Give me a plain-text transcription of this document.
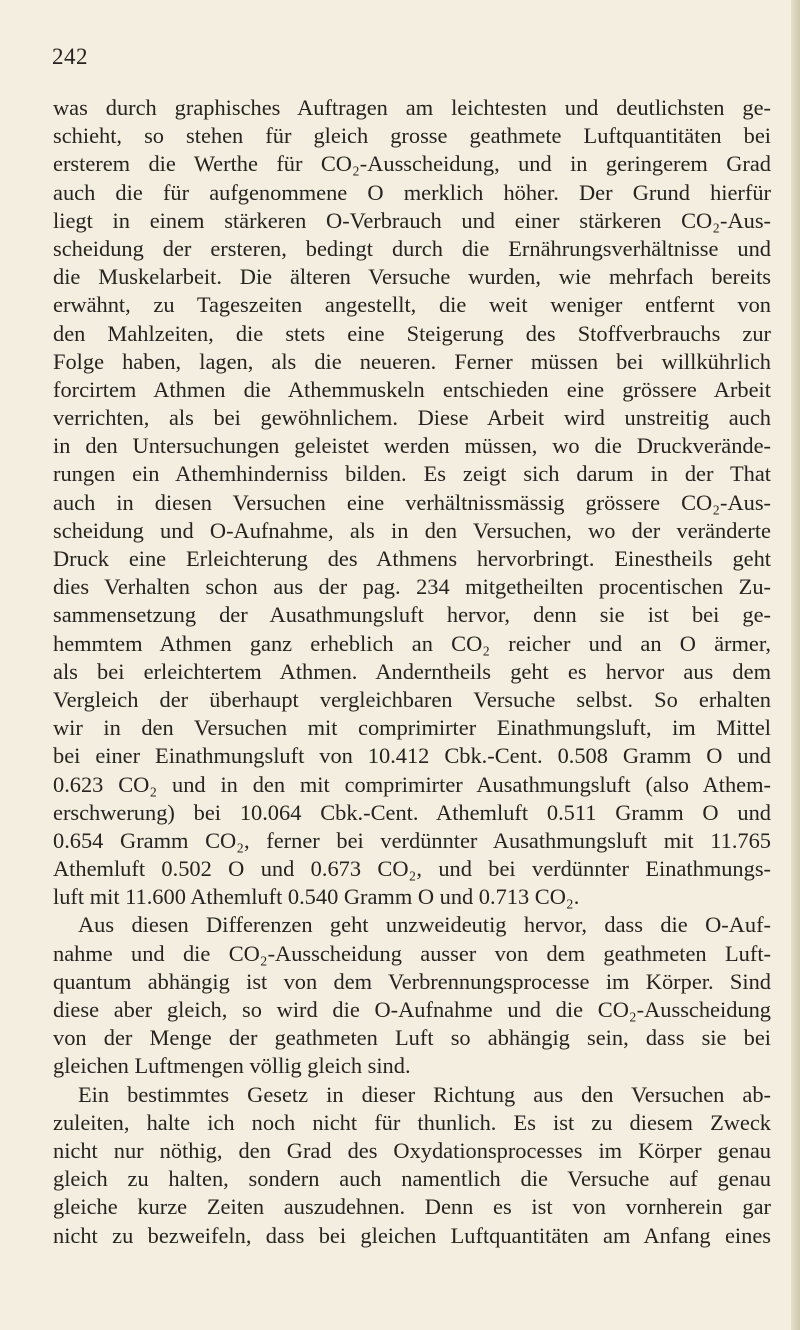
242
was durch graphisches Auftragen am leichtesten und deutlichsten ge-
schieht, so stehen für gleich grosse geathmete Luftquantitäten bei
ersterem die Werthe für CO₂-Ausscheidung, und in geringerem Grad
auch die für aufgenommene O merklich höher. Der Grund hierfür
liegt in einem stärkeren O-Verbrauch und einer stärkeren CO₂-Aus-
scheidung der ersteren, bedingt durch die Ernährungsverhältnisse und
die Muskelarbeit. Die älteren Versuche wurden, wie mehrfach bereits
erwähnt, zu Tageszeiten angestellt, die weit weniger entfernt von
den Mahlzeiten, die stets eine Steigerung des Stoffverbrauchs zur
Folge haben, lagen, als die neueren. Ferner müssen bei willkührlich
forcirtem Athmen die Athemmuskeln entschieden eine grössere Arbeit
verrichten, als bei gewöhnlichem. Diese Arbeit wird unstreitig auch
in den Untersuchungen geleistet werden müssen, wo die Druckverände-
rungen ein Athemhinderniss bilden. Es zeigt sich darum in der That
auch in diesen Versuchen eine verhältnissmässig grössere CO₂-Aus-
scheidung und O-Aufnahme, als in den Versuchen, wo der veränderte
Druck eine Erleichterung des Athmens hervorbringt. Einestheils geht
dies Verhalten schon aus der pag. 234 mitgetheilten procentischen Zu-
sammensetzung der Ausathmungsluft hervor, denn sie ist bei ge-
hemmtem Athmen ganz erheblich an CO₂ reicher und an O ärmer,
als bei erleichtertem Athmen. Anderntheils geht es hervor aus dem
Vergleich der überhaupt vergleichbaren Versuche selbst. So erhalten
wir in den Versuchen mit comprimirter Einathmungsluft, im Mittel
bei einer Einathmungsluft von 10.412 Cbk.-Cent. 0.508 Gramm O und
0.623 CO₂ und in den mit comprimirter Ausathmungsluft (also Athem-
erschwerung) bei 10.064 Cbk.-Cent. Athemluft 0.511 Gramm O und
0.654 Gramm CO₂, ferner bei verdünnter Ausathmungsluft mit 11.765
Athemluft 0.502 O und 0.673 CO₂, und bei verdünnter Einathmungs-
luft mit 11.600 Athemluft 0.540 Gramm O und 0.713 CO₂.
Aus diesen Differenzen geht unzweideutig hervor, dass die O-Auf-
nahme und die CO₂-Ausscheidung ausser von dem geathmeten Luft-
quantum abhängig ist von dem Verbrennungsprocesse im Körper. Sind
diese aber gleich, so wird die O-Aufnahme und die CO₂-Ausscheidung
von der Menge der geathmeten Luft so abhängig sein, dass sie bei
gleichen Luftmengen völlig gleich sind.
Ein bestimmtes Gesetz in dieser Richtung aus den Versuchen ab-
zuleiten, halte ich noch nicht für thunlich. Es ist zu diesem Zweck
nicht nur nöthig, den Grad des Oxydationsprocesses im Körper genau
gleich zu halten, sondern auch namentlich die Versuche auf genau
gleiche kurze Zeiten auszudehnen. Denn es ist von vornherein gar
nicht zu bezweifeln, dass bei gleichen Luftquantitäten am Anfang eines
